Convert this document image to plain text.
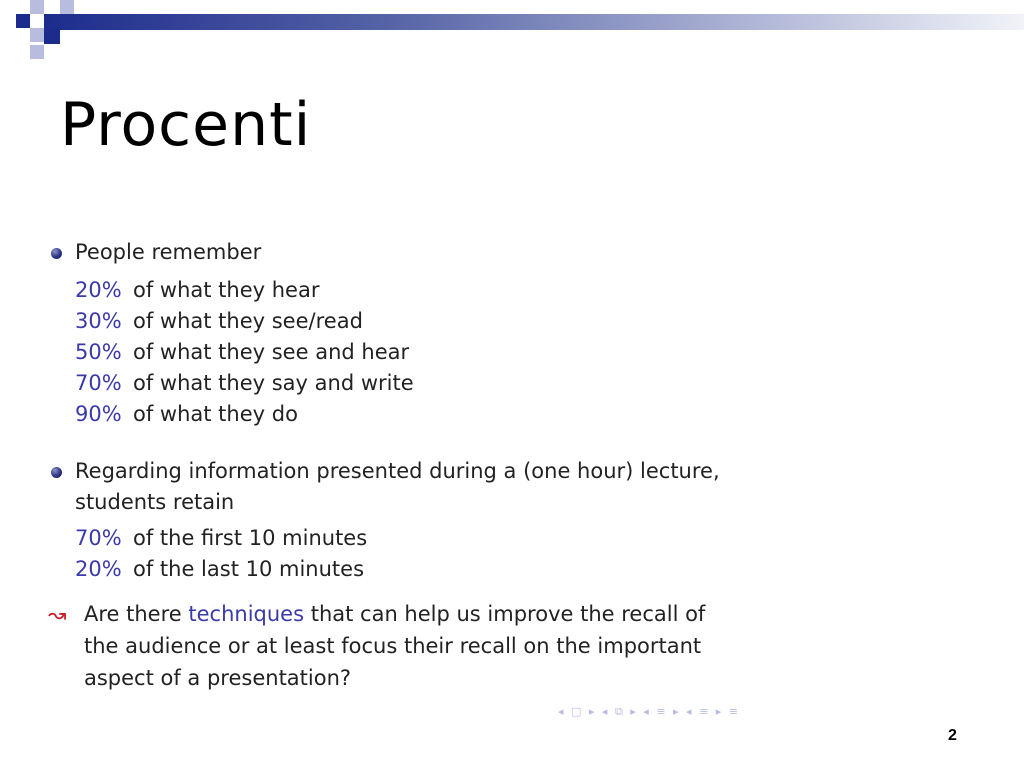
Procenti
People remember
20% of what they hear
30% of what they see/read
50% of what they see and hear
70% of what they say and write
90% of what they do
Regarding information presented during a (one hour) lecture,
students retain
70% of the first 10 minutes
20% of the last 10 minutes
↝ Are there techniques that can help us improve the recall of
the audience or at least focus their recall on the important
aspect of a presentation?
◂ □ ▸ ◂ ⧉ ▸ ◂ ≡ ▸ ◂ ≡ ▸ ≡
2
